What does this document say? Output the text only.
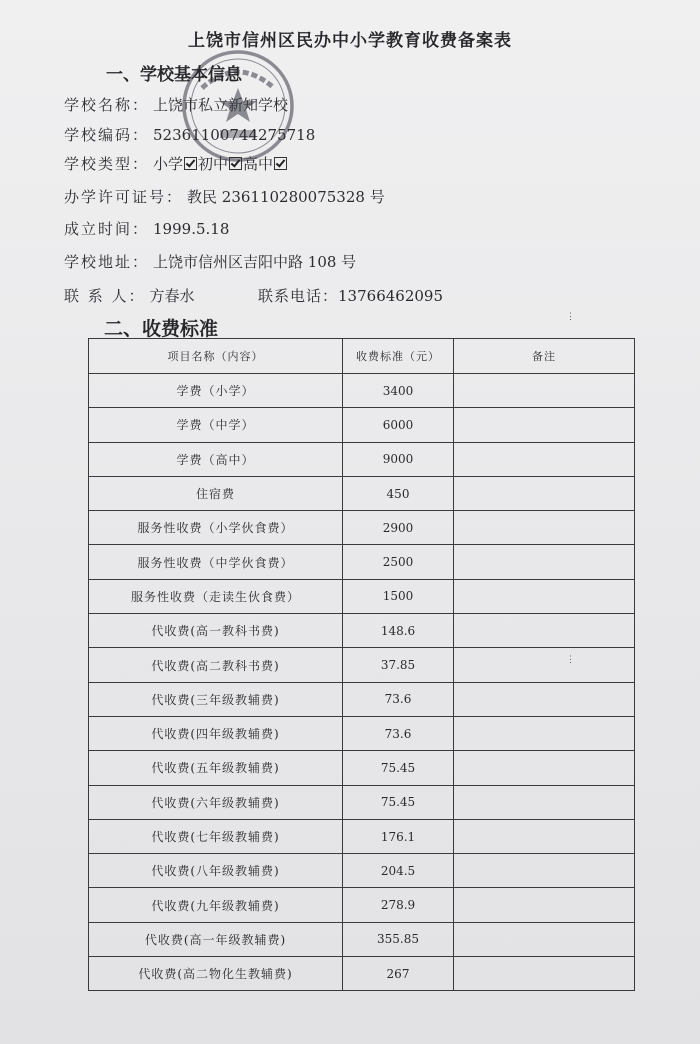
上饶市信州区民办中小学教育收费备案表
一、学校基本信息
学校名称： 上饶市私立新知学校
学校编码： 52361100744275718
学校类型： 小学 初中 高中
办学许可证号： 教民 236110280075328 号
成立时间： 1999.5.18
学校地址： 上饶市信州区吉阳中路 108 号
联 系 人： 方春水	联系电话：13766462095
二、收费标准
项目名称（内容）	收费标准（元）	备注
学费（小学）	3400	
学费（中学）	6000	
学费（高中）	9000	
住宿费	450	
服务性收费（小学伙食费）	2900	
服务性收费（中学伙食费）	2500	
服务性收费（走读生伙食费）	1500	
代收费(高一教科书费)	148.6	
代收费(高二教科书费)	37.85	
代收费(三年级教辅费)	73.6	
代收费(四年级教辅费)	73.6	
代收费(五年级教辅费)	75.45	
代收费(六年级教辅费)	75.45	
代收费(七年级教辅费)	176.1	
代收费(八年级教辅费)	204.5	
代收费(九年级教辅费)	278.9	
代收费(高一年级教辅费)	355.85	
代收费(高二物化生教辅费)	267	
⋮
⋮
